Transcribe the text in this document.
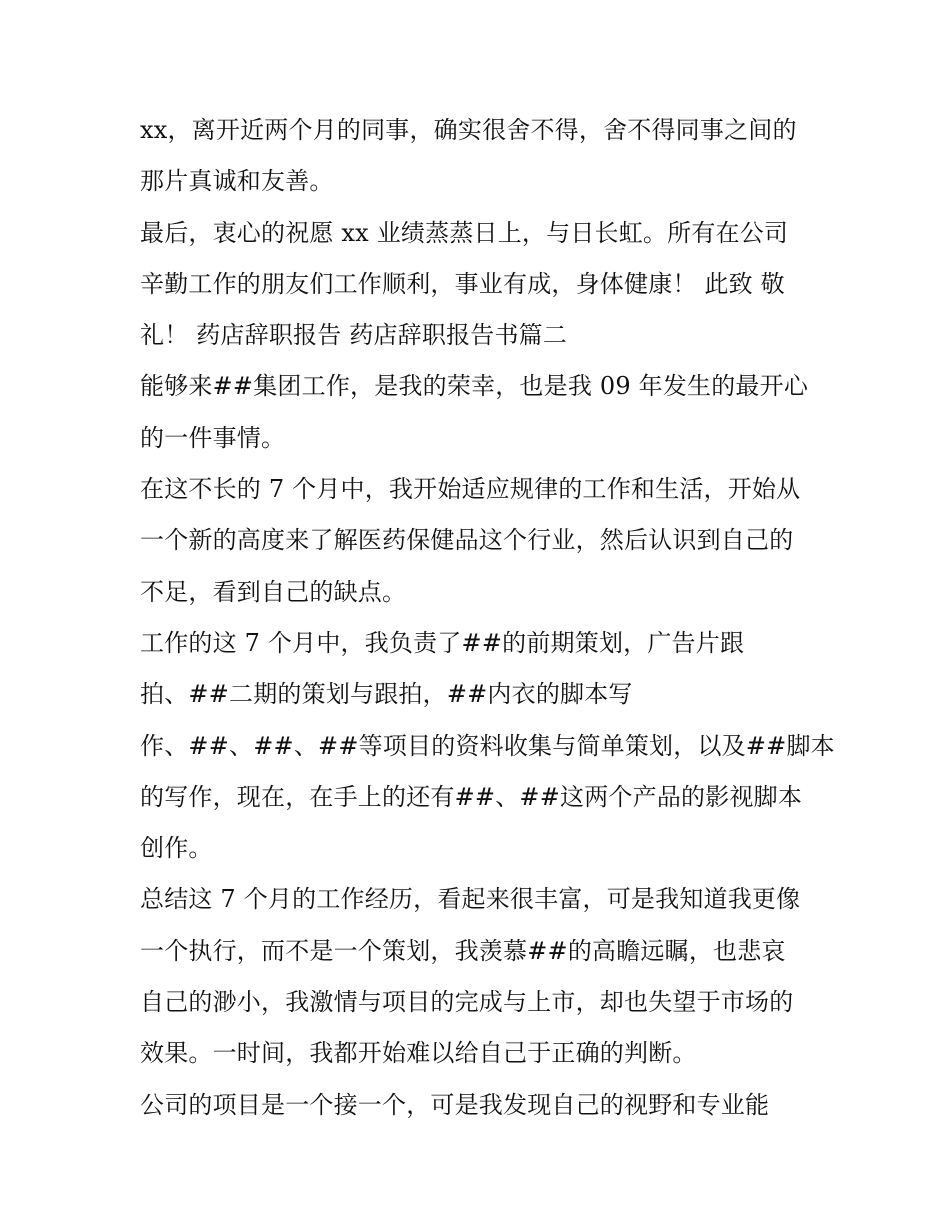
xx，离开近两个月的同事，确实很舍不得，舍不得同事之间的
那片真诚和友善。
最后，衷心的祝愿 xx 业绩蒸蒸日上，与日长虹。所有在公司
辛勤工作的朋友们工作顺利，事业有成，身体健康！ 此致 敬
礼！ 药店辞职报告 药店辞职报告书篇二
能够来##集团工作，是我的荣幸，也是我 09 年发生的最开心
的一件事情。
在这不长的 7 个月中，我开始适应规律的工作和生活，开始从
一个新的高度来了解医药保健品这个行业，然后认识到自己的
不足，看到自己的缺点。
工作的这 7 个月中，我负责了##的前期策划，广告片跟
拍、##二期的策划与跟拍，##内衣的脚本写
作、##、##、##等项目的资料收集与简单策划，以及##脚本
的写作，现在，在手上的还有##、##这两个产品的影视脚本
创作。
总结这 7 个月的工作经历，看起来很丰富，可是我知道我更像
一个执行，而不是一个策划，我羡慕##的高瞻远瞩，也悲哀
自己的渺小，我激情与项目的完成与上市，却也失望于市场的
效果。一时间，我都开始难以给自己于正确的判断。
公司的项目是一个接一个，可是我发现自己的视野和专业能
